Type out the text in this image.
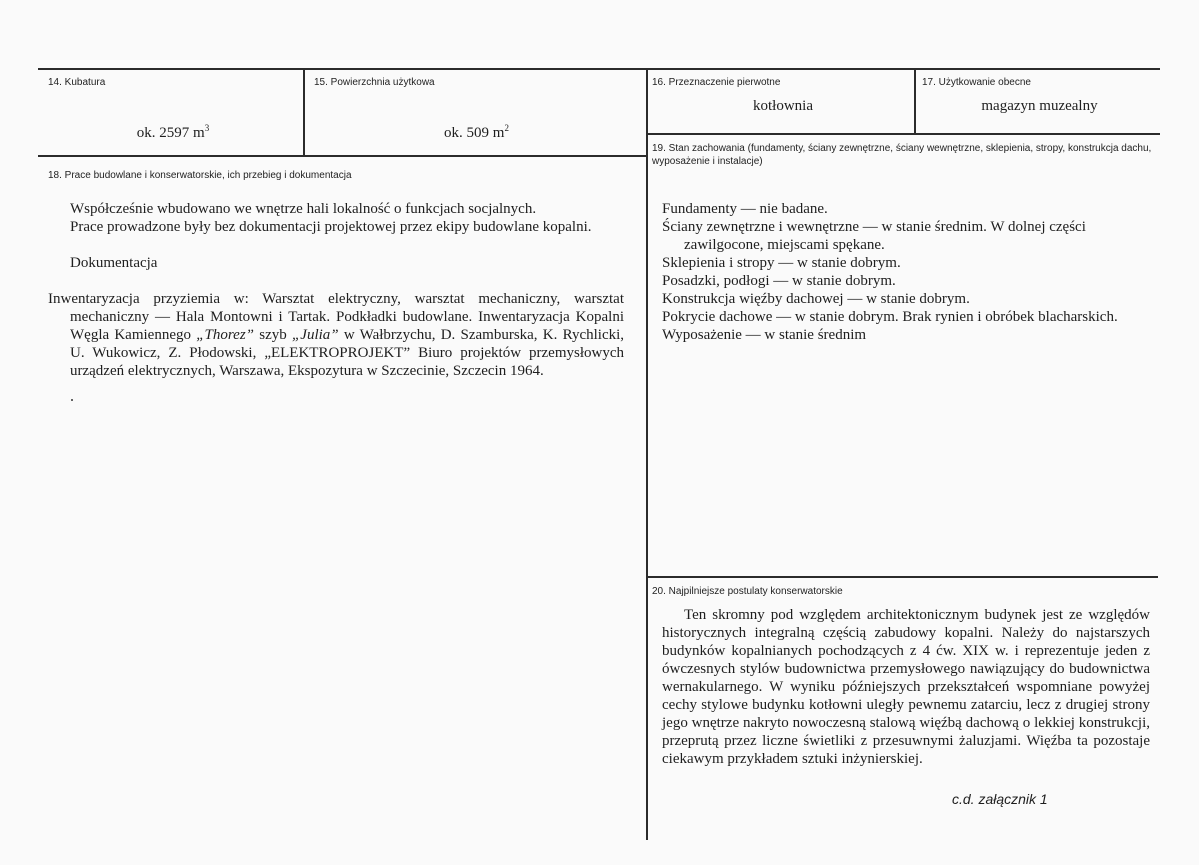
14. Kubatura
ok. 2597 $m^3$
15. Powierzchnia użytkowa
ok. 509 $m^2$
16. Przeznaczenie pierwotne
kotłownia
17. Użytkowanie obecne
magazyn muzealny
18. Prace budowlane i konserwatorskie, ich przebieg i dokumentacja

Współcześnie wbudowano we wnętrze hali lokalność o funkcjach socjalnych.

Prace prowadzone były bez dokumentacji projektowej przez ekipy budowlane kopalni.

Dokumentacja

Inwentaryzacja przyziemia w: Warsztat elektryczny, warsztat mechaniczny, warsztat mechaniczny — Hala Montowni i Tartak. Podkładki budowlane. Inwentaryzacja Kopalni Węgla Kamiennego „Thorez” szyb „Julia” w Wałbrzychu, D. Szamburska, K. Rychlicki, U. Wukowicz, Z. Płodowski, „ELEKTROPROJEKT” Biuro projektów przemysłowych urządzeń elektrycznych, Warszawa, Ekspozytura w Szczecinie, Szczecin 1964.

19. Stan zachowania (fundamenty, ściany zewnętrzne, ściany wewnętrzne, sklepienia, stropy, konstrukcja dachu, wyposażenie i instalacje)

Fundamenty — nie badane.

Ściany zewnętrzne i wewnętrzne — w stanie średnim. W dolnej części zawilgocone, miejscami spękane.

Sklepienia i stropy — w stanie dobrym.

Posadzki, podłogi — w stanie dobrym.

Konstrukcja więźby dachowej — w stanie dobrym.

Pokrycie dachowe — w stanie dobrym. Brak rynien i obróbek blacharskich.

Wyposażenie — w stanie średnim

20. Najpilniejsze postulaty konserwatorskie
Ten skromny pod względem architektonicznym budynek jest ze względów historycznych integralną częścią zabudowy kopalni. Należy do najstarszych budynków kopalnianych pochodzących z 4 ćw. XIX w. i reprezentuje jeden z ówczesnych stylów budownictwa przemysłowego nawiązujący do budownictwa wernakularnego. W wyniku późniejszych przekształceń wspomniane powyżej cechy stylowe budynku kotłowni uległy pewnemu zatarciu, lecz z drugiej strony jego wnętrze nakryto nowoczesną stalową więźbą dachową o lekkiej konstrukcji, przeprutą przez liczne świetliki z przesuwnymi żaluzjami. Więźba ta pozostaje ciekawym przykładem sztuki inżynierskiej.
c.d. załącznik 1
